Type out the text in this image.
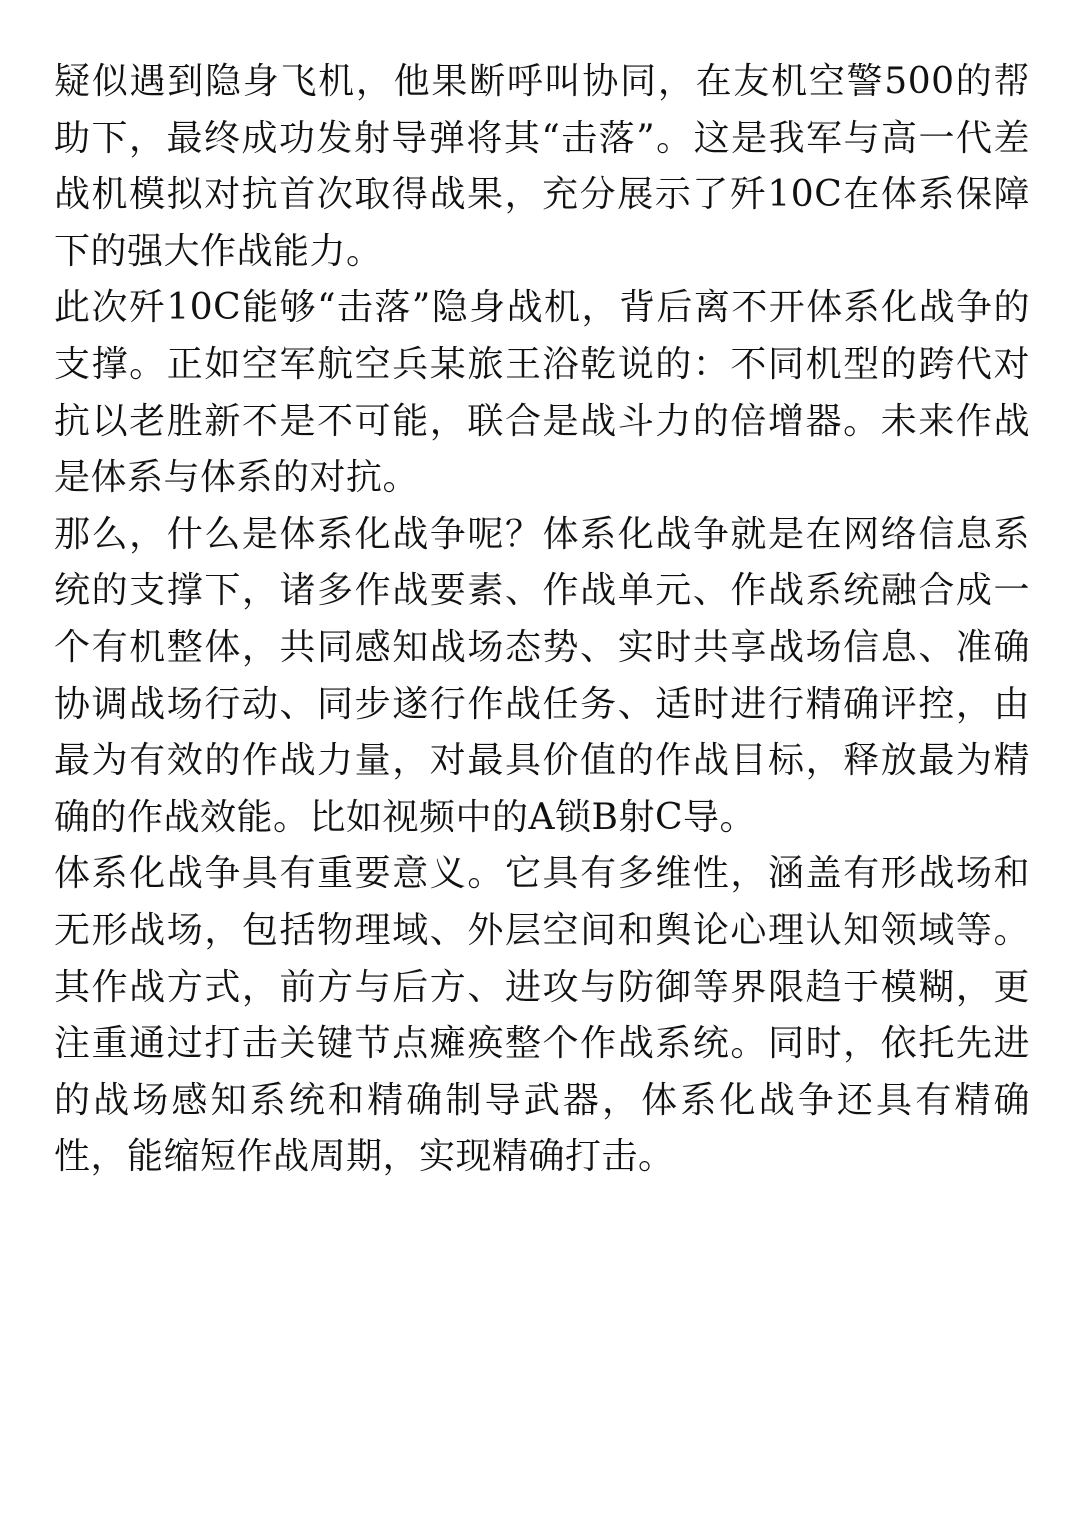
疑似遇到隐身飞机，他果断呼叫协同，在友机空警500的帮助下，最终成功发射导弹将其“击落”。这是我军与高一代差战机模拟对抗首次取得战果，充分展示了歼10C在体系保障下的强大作战能力。

此次歼10C能够“击落”隐身战机，背后离不开体系化战争的支撑。正如空军航空兵某旅王浴乾说的：不同机型的跨代对抗以老胜新不是不可能，联合是战斗力的倍增器。未来作战是体系与体系的对抗。

那么，什么是体系化战争呢？体系化战争就是在网络信息系统的支撑下，诸多作战要素、作战单元、作战系统融合成一个有机整体，共同感知战场态势、实时共享战场信息、准确协调战场行动、同步遂行作战任务、适时进行精确评控，由最为有效的作战力量，对最具价值的作战目标，释放最为精确的作战效能。比如视频中的A锁B射C导。

体系化战争具有重要意义。它具有多维性，涵盖有形战场和无形战场，包括物理域、外层空间和舆论心理认知领域等。其作战方式，前方与后方、进攻与防御等界限趋于模糊，更注重通过打击关键节点瘫痪整个作战系统。同时，依托先进的战场感知系统和精确制导武器，体系化战争还具有精确性，能缩短作战周期，实现精确打击。
